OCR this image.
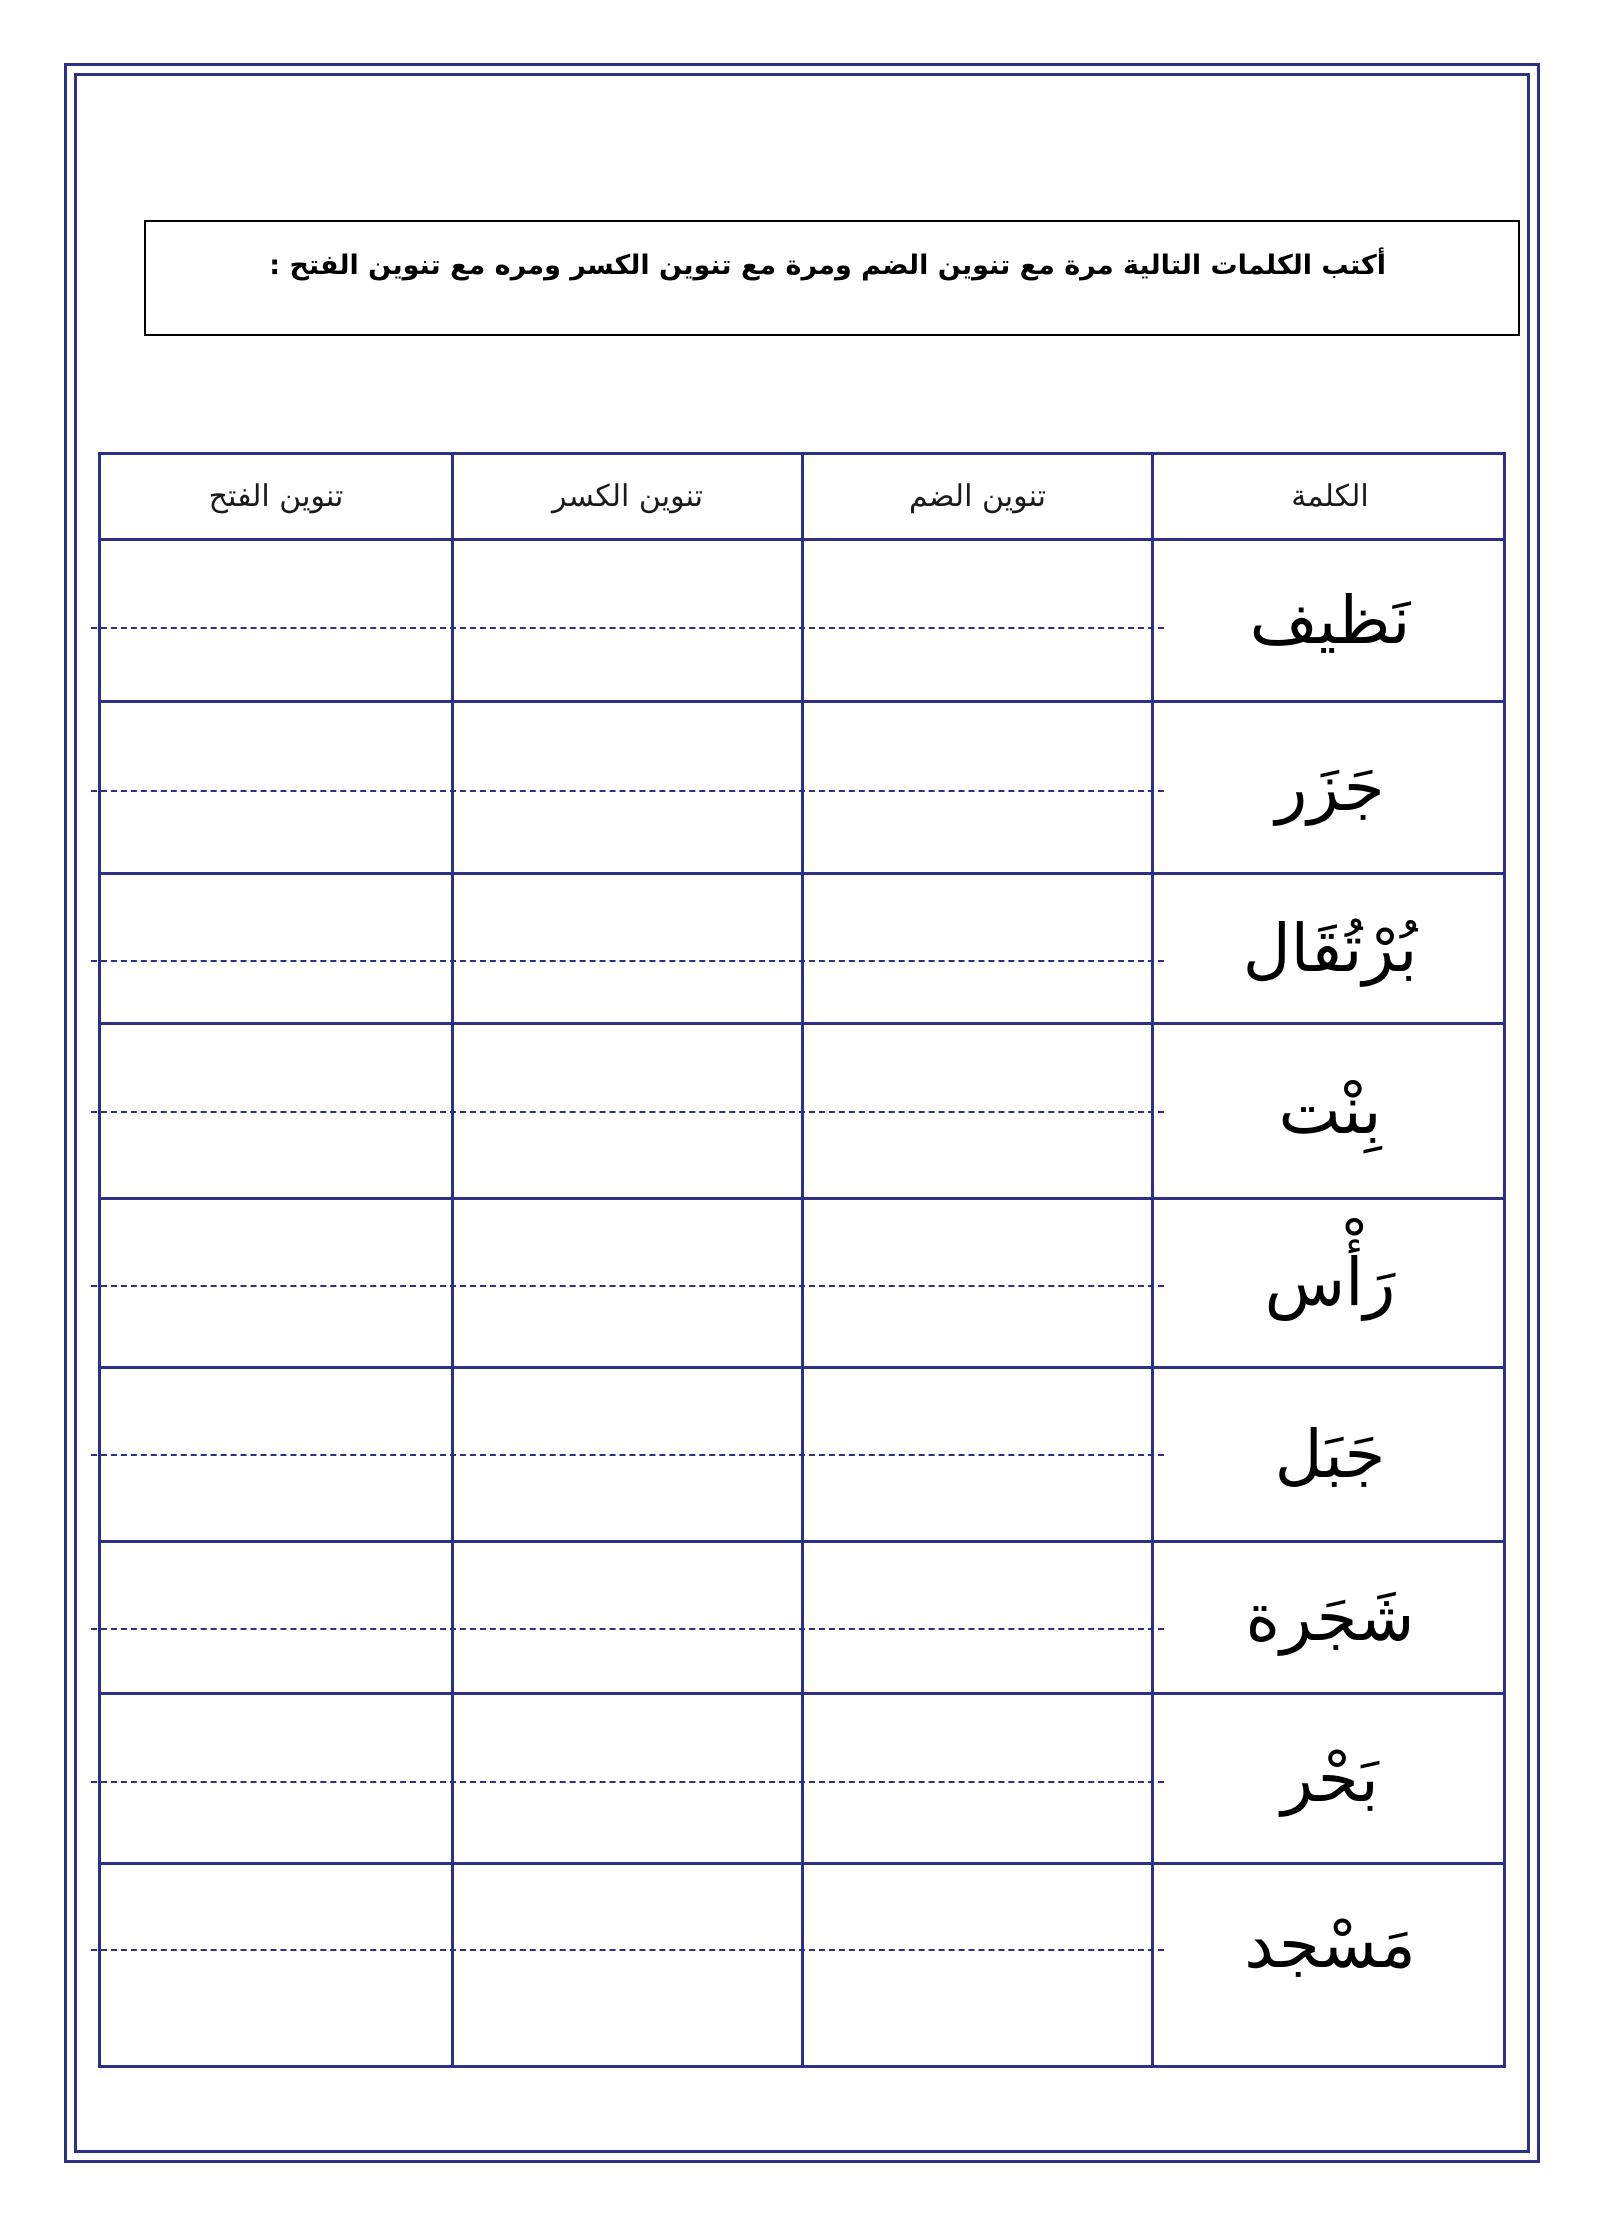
أكتب الكلمات التالية مرة مع تنوين الضم ومرة مع تنوين الكسر ومره مع تنوين الفتح :
الكلمة
تنوين الضم
تنوين الكسر
تنوين الفتح
نَظيف
جَزَر
بُرْتُقَال
بِنْت
رَأْس
جَبَل
شَجَرة
بَحْر
مَسْجد
